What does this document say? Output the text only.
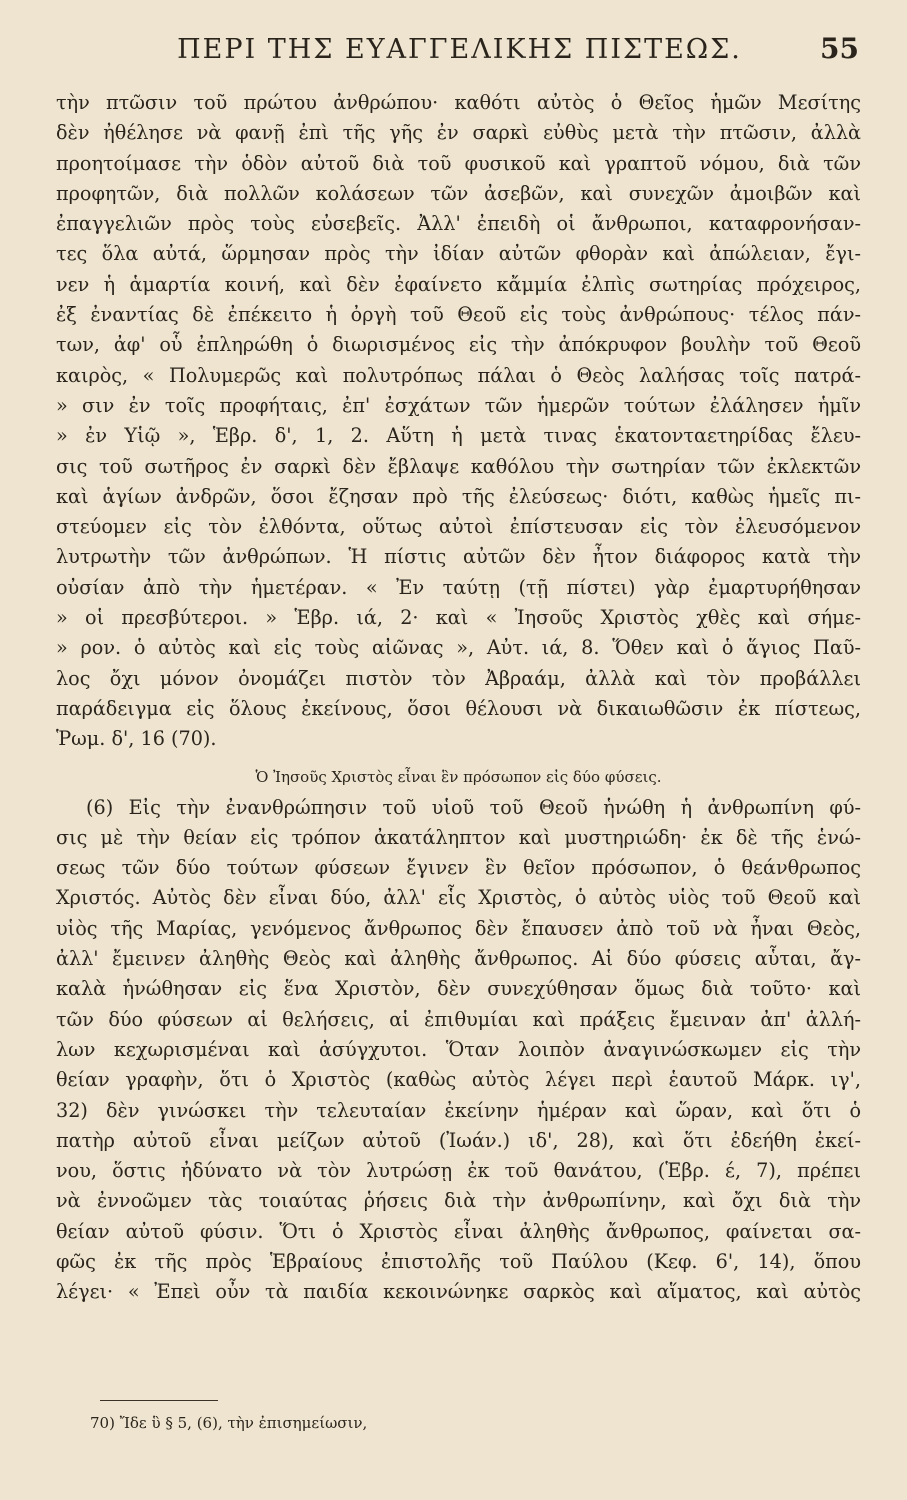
ΠΕΡΙ ΤΗΣ ΕΥΑΓΓΕΛΙΚΗΣ ΠΙΣΤΕΩΣ.	55
τὴν πτῶσιν τοῦ πρώτου ἀνθρώπου· καθότι αὐτὸς ὁ Θεῖος ἡμῶν Μεσίτης
δὲν ἠθέλησε νὰ φανῇ ἐπὶ τῆς γῆς ἐν σαρκὶ εὐθὺς μετὰ τὴν πτῶσιν, ἀλλὰ
προητοίμασε τὴν ὁδὸν αὐτοῦ διὰ τοῦ φυσικοῦ καὶ γραπτοῦ νόμου, διὰ τῶν
προφητῶν, διὰ πολλῶν κολάσεων τῶν ἀσεβῶν, καὶ συνεχῶν ἀμοιβῶν καὶ
ἐπαγγελιῶν πρὸς τοὺς εὐσεβεῖς. Ἀλλ' ἐπειδὴ οἱ ἄνθρωποι, καταφρονήσαν-
τες ὅλα αὐτά, ὥρμησαν πρὸς τὴν ἰδίαν αὐτῶν φθορὰν καὶ ἀπώλειαν, ἔγι-
νεν ἡ ἁμαρτία κοινή, καὶ δὲν ἐφαίνετο κἄμμία ἐλπὶς σωτηρίας πρόχειρος,
ἐξ ἐναντίας δὲ ἐπέκειτο ἡ ὀργὴ τοῦ Θεοῦ εἰς τοὺς ἀνθρώπους· τέλος πάν-
των, ἀφ' οὗ ἐπληρώθη ὁ διωρισμένος εἰς τὴν ἀπόκρυφον βουλὴν τοῦ Θεοῦ
καιρὸς, « Πολυμερῶς καὶ πολυτρόπως πάλαι ὁ Θεὸς λαλήσας τοῖς πατρά-
» σιν ἐν τοῖς προφήταις, ἐπ' ἐσχάτων τῶν ἡμερῶν τούτων ἐλάλησεν ἡμῖν
» ἐν Υἱῷ », Ἑβρ. δ', 1, 2. Αὕτη ἡ μετὰ τινας ἑκατονταετηρίδας ἔλευ-
σις τοῦ σωτῆρος ἐν σαρκὶ δὲν ἔβλαψε καθόλου τὴν σωτηρίαν τῶν ἐκλεκτῶν
καὶ ἁγίων ἀνδρῶν, ὅσοι ἔζησαν πρὸ τῆς ἐλεύσεως· διότι, καθὼς ἡμεῖς πι-
στεύομεν εἰς τὸν ἐλθόντα, οὕτως αὐτοὶ ἐπίστευσαν εἰς τὸν ἐλευσόμενον
λυτρωτὴν τῶν ἀνθρώπων. Ἡ πίστις αὐτῶν δὲν ἦτον διάφορος κατὰ τὴν
οὐσίαν ἀπὸ τὴν ἡμετέραν. « Ἐν ταύτῃ (τῇ πίστει) γὰρ ἐμαρτυρήθησαν
» οἱ πρεσβύτεροι. » Ἑβρ. ιά, 2· καὶ « Ἰησοῦς Χριστὸς χθὲς καὶ σήμε-
» ρον. ὁ αὐτὸς καὶ εἰς τοὺς αἰῶνας », Αὐτ. ιά, 8. Ὅθεν καὶ ὁ ἅγιος Παῦ-
λος ὄχι μόνον ὀνομάζει πιστὸν τὸν Ἀβραάμ, ἀλλὰ καὶ τὸν προβάλλει
παράδειγμα εἰς ὅλους ἐκείνους, ὅσοι θέλουσι νὰ δικαιωθῶσιν ἐκ πίστεως,
Ῥωμ. δ', 16 (70).
Ὁ Ἰησοῦς Χριστὸς εἶναι ἓν πρόσωπον εἰς δύο φύσεις.
(6) Εἰς τὴν ἐνανθρώπησιν τοῦ υἱοῦ τοῦ Θεοῦ ἡνώθη ἡ ἀνθρωπίνη φύ-
σις μὲ τὴν θείαν εἰς τρόπον ἀκατάληπτον καὶ μυστηριώδη· ἐκ δὲ τῆς ἑνώ-
σεως τῶν δύο τούτων φύσεων ἔγινεν ἓν θεῖον πρόσωπον, ὁ θεάνθρωπος
Χριστός. Αὐτὸς δὲν εἶναι δύο, ἀλλ' εἷς Χριστὸς, ὁ αὐτὸς υἱὸς τοῦ Θεοῦ καὶ
υἱὸς τῆς Μαρίας, γενόμενος ἄνθρωπος δὲν ἔπαυσεν ἀπὸ τοῦ νὰ ἦναι Θεὸς,
ἀλλ' ἔμεινεν ἀληθὴς Θεὸς καὶ ἀληθὴς ἄνθρωπος. Αἱ δύο φύσεις αὗται, ἄγ-
καλὰ ἡνώθησαν εἰς ἕνα Χριστὸν, δὲν συνεχύθησαν ὅμως διὰ τοῦτο· καὶ
τῶν δύο φύσεων αἱ θελήσεις, αἱ ἐπιθυμίαι καὶ πράξεις ἔμειναν ἀπ' ἀλλή-
λων κεχωρισμέναι καὶ ἀσύγχυτοι. Ὅταν λοιπὸν ἀναγινώσκωμεν εἰς τὴν
θείαν γραφὴν, ὅτι ὁ Χριστὸς (καθὼς αὐτὸς λέγει περὶ ἑαυτοῦ Μάρκ. ιγ',
32) δὲν γινώσκει τὴν τελευταίαν ἐκείνην ἡμέραν καὶ ὥραν, καὶ ὅτι ὁ
πατὴρ αὐτοῦ εἶναι μείζων αὐτοῦ (Ἰωάν.) ιδ', 28), καὶ ὅτι ἐδεήθη ἐκεί-
νου, ὅστις ἠδύνατο νὰ τὸν λυτρώσῃ ἐκ τοῦ θανάτου, (Ἑβρ. έ, 7), πρέπει
νὰ ἐννοῶμεν τὰς τοιαύτας ῥήσεις διὰ τὴν ἀνθρωπίνην, καὶ ὄχι διὰ τὴν
θείαν αὐτοῦ φύσιν. Ὅτι ὁ Χριστὸς εἶναι ἀληθὴς ἄνθρωπος, φαίνεται σα-
φῶς ἐκ τῆς πρὸς Ἑβραίους ἐπιστολῆς τοῦ Παύλου (Κεφ. 6', 14), ὅπου
λέγει· « Ἐπεὶ οὖν τὰ παιδία κεκοινώνηκε σαρκὸς καὶ αἵματος, καὶ αὐτὸς
70) Ἴδε ὓ § 5, (6), τὴν ἐπισημείωσιν,
